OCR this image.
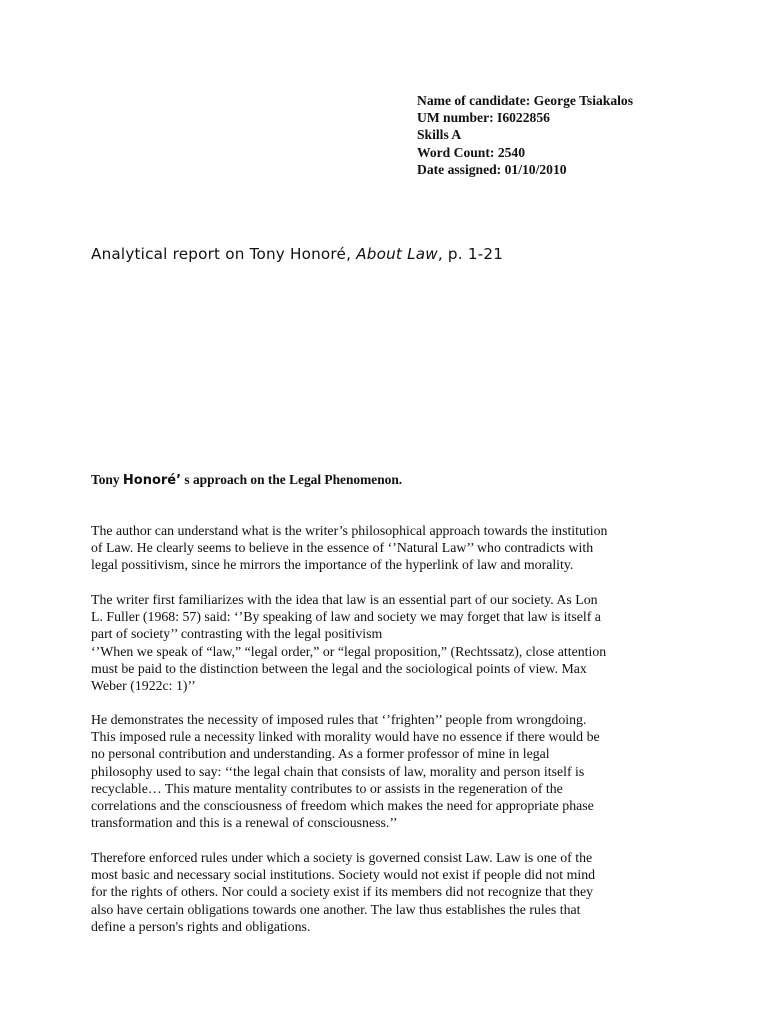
Name of candidate: George Tsiakalos
UM number: I6022856
Skills A
Word Count: 2540
Date assigned: 01/10/2010
Analytical report on Tony Honoré, About Law, p. 1-21
Tony Honoré’ s approach on the Legal Phenomenon.
The author can understand what is the writer’s philosophical approach towards the institution
of Law. He clearly seems to believe in the essence of ‘’Natural Law’’ who contradicts with
legal possitivism, since he mirrors the importance of the hyperlink of law and morality.
The writer first familiarizes with the idea that law is an essential part of our society. As Lon
L. Fuller (1968: 57) said: ‘’By speaking of law and society we may forget that law is itself a
part of society’’ contrasting with the legal positivism
‘’When we speak of “law,” “legal order,” or “legal proposition,” (Rechtssatz), close attention
must be paid to the distinction between the legal and the sociological points of view. Max
Weber (1922c: 1)’’
He demonstrates the necessity of imposed rules that ‘’frighten’’ people from wrongdoing.
This imposed rule a necessity linked with morality would have no essence if there would be
no personal contribution and understanding. As a former professor of mine in legal
philosophy used to say: ‘‘the legal chain that consists of law, morality and person itself is
recyclable… This mature mentality contributes to or assists in the regeneration of the
correlations and the consciousness of freedom which makes the need for appropriate phase
transformation and this is a renewal of consciousness.’’
Therefore enforced rules under which a society is governed consist Law. Law is one of the
most basic and necessary social institutions. Society would not exist if people did not mind
for the rights of others. Nor could a society exist if its members did not recognize that they
also have certain obligations towards one another. The law thus establishes the rules that
define a person's rights and obligations.
